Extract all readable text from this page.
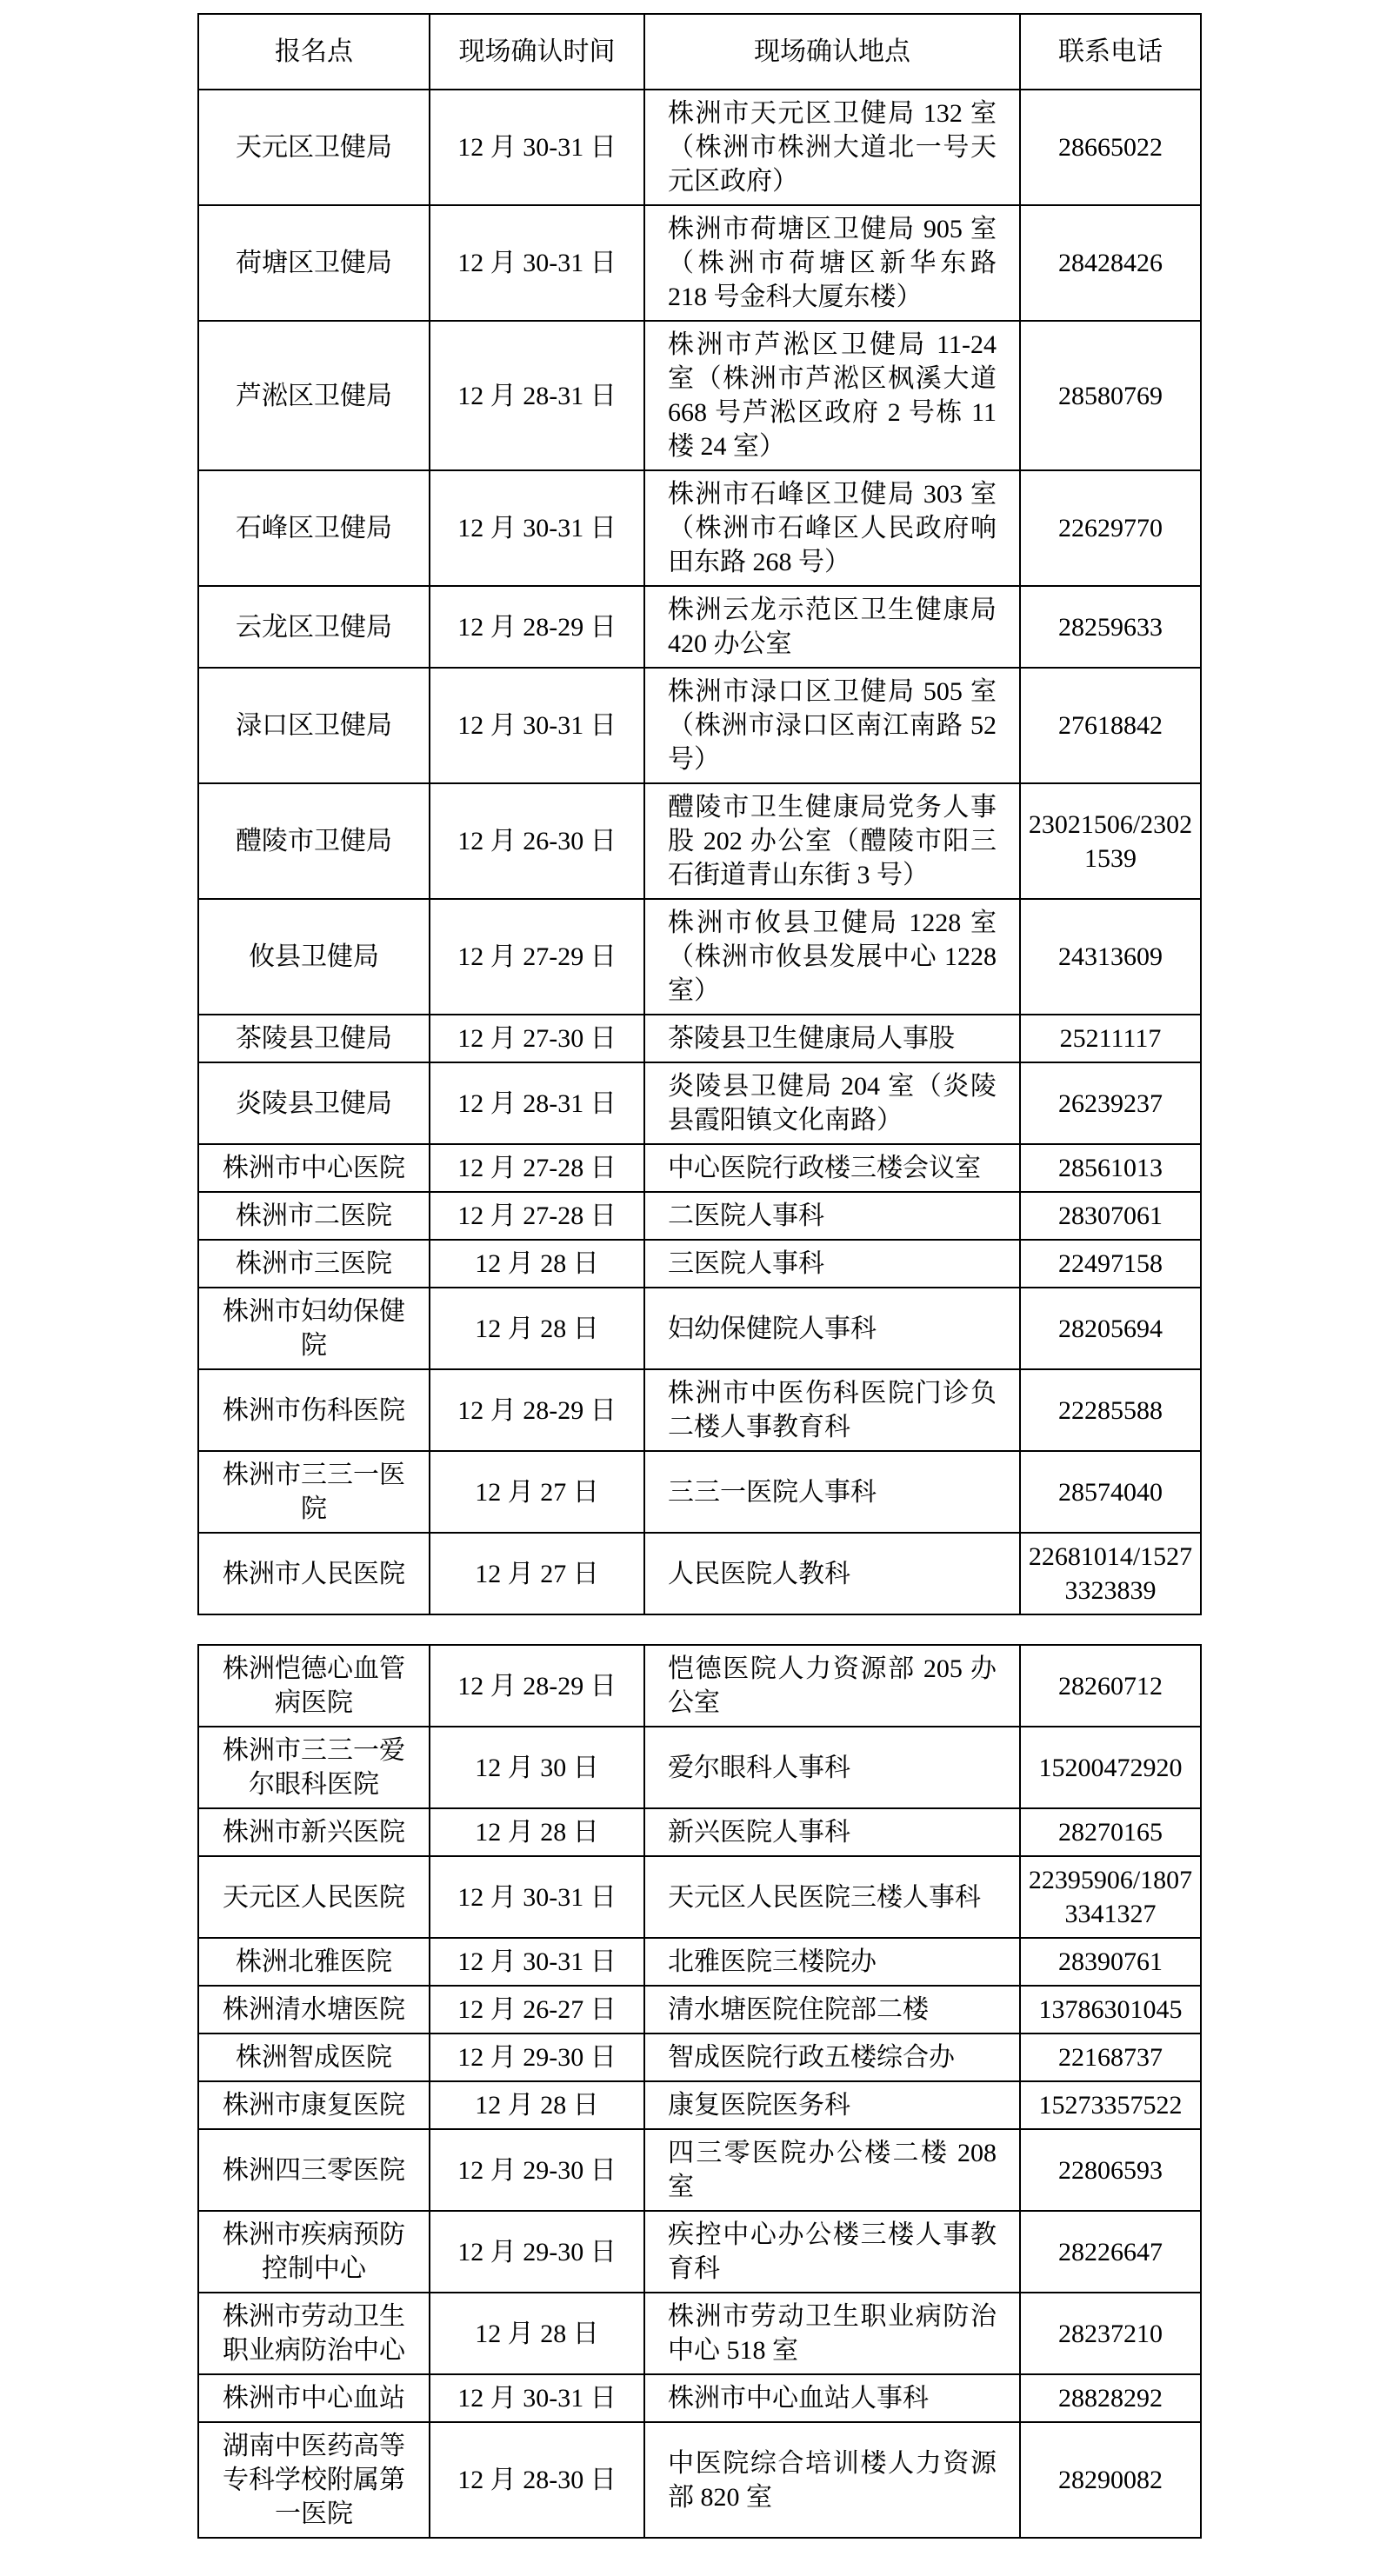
报名点	现场确认时间	现场确认地点	联系电话
天元区卫健局	12 月 30-31 日	株洲市天元区卫健局 132 室（株洲市株洲大道北一号天元区政府）	28665022
荷塘区卫健局	12 月 30-31 日	株洲市荷塘区卫健局 905 室（株洲市荷塘区新华东路 218 号金科大厦东楼）	28428426
芦淞区卫健局	12 月 28-31 日	株洲市芦淞区卫健局 11-24 室（株洲市芦淞区枫溪大道 668 号芦淞区政府 2 号栋 11 楼 24 室）	28580769
石峰区卫健局	12 月 30-31 日	株洲市石峰区卫健局 303 室（株洲市石峰区人民政府响田东路 268 号）	22629770
云龙区卫健局	12 月 28-29 日	株洲云龙示范区卫生健康局 420 办公室	28259633
渌口区卫健局	12 月 30-31 日	株洲市渌口区卫健局 505 室（株洲市渌口区南江南路 52 号）	27618842
醴陵市卫健局	12 月 26-30 日	醴陵市卫生健康局党务人事股 202 办公室（醴陵市阳三石街道青山东街 3 号）	23021506/23021539
攸县卫健局	12 月 27-29 日	株洲市攸县卫健局 1228 室（株洲市攸县发展中心 1228 室）	24313609
茶陵县卫健局	12 月 27-30 日	茶陵县卫生健康局人事股	25211117
炎陵县卫健局	12 月 28-31 日	炎陵县卫健局 204 室（炎陵县霞阳镇文化南路）	26239237
株洲市中心医院	12 月 27-28 日	中心医院行政楼三楼会议室	28561013
株洲市二医院	12 月 27-28 日	二医院人事科	28307061
株洲市三医院	12 月 28 日	三医院人事科	22497158
株洲市妇幼保健院	12 月 28 日	妇幼保健院人事科	28205694
株洲市伤科医院	12 月 28-29 日	株洲市中医伤科医院门诊负二楼人事教育科	22285588
株洲市三三一医院	12 月 27 日	三三一医院人事科	28574040
株洲市人民医院	12 月 27 日	人民医院人教科	22681014/15273323839
株洲恺德心血管病医院	12 月 28-29 日	恺德医院人力资源部 205 办公室	28260712
株洲市三三一爱尔眼科医院	12 月 30 日	爱尔眼科人事科	15200472920
株洲市新兴医院	12 月 28 日	新兴医院人事科	28270165
天元区人民医院	12 月 30-31 日	天元区人民医院三楼人事科	22395906/18073341327
株洲北雅医院	12 月 30-31 日	北雅医院三楼院办	28390761
株洲清水塘医院	12 月 26-27 日	清水塘医院住院部二楼	13786301045
株洲智成医院	12 月 29-30 日	智成医院行政五楼综合办	22168737
株洲市康复医院	12 月 28 日	康复医院医务科	15273357522
株洲四三零医院	12 月 29-30 日	四三零医院办公楼二楼 208 室	22806593
株洲市疾病预防控制中心	12 月 29-30 日	疾控中心办公楼三楼人事教育科	28226647
株洲市劳动卫生职业病防治中心	12 月 28 日	株洲市劳动卫生职业病防治中心 518 室	28237210
株洲市中心血站	12 月 30-31 日	株洲市中心血站人事科	28828292
湖南中医药高等专科学校附属第一医院	12 月 28-30 日	中医院综合培训楼人力资源部 820 室	28290082
